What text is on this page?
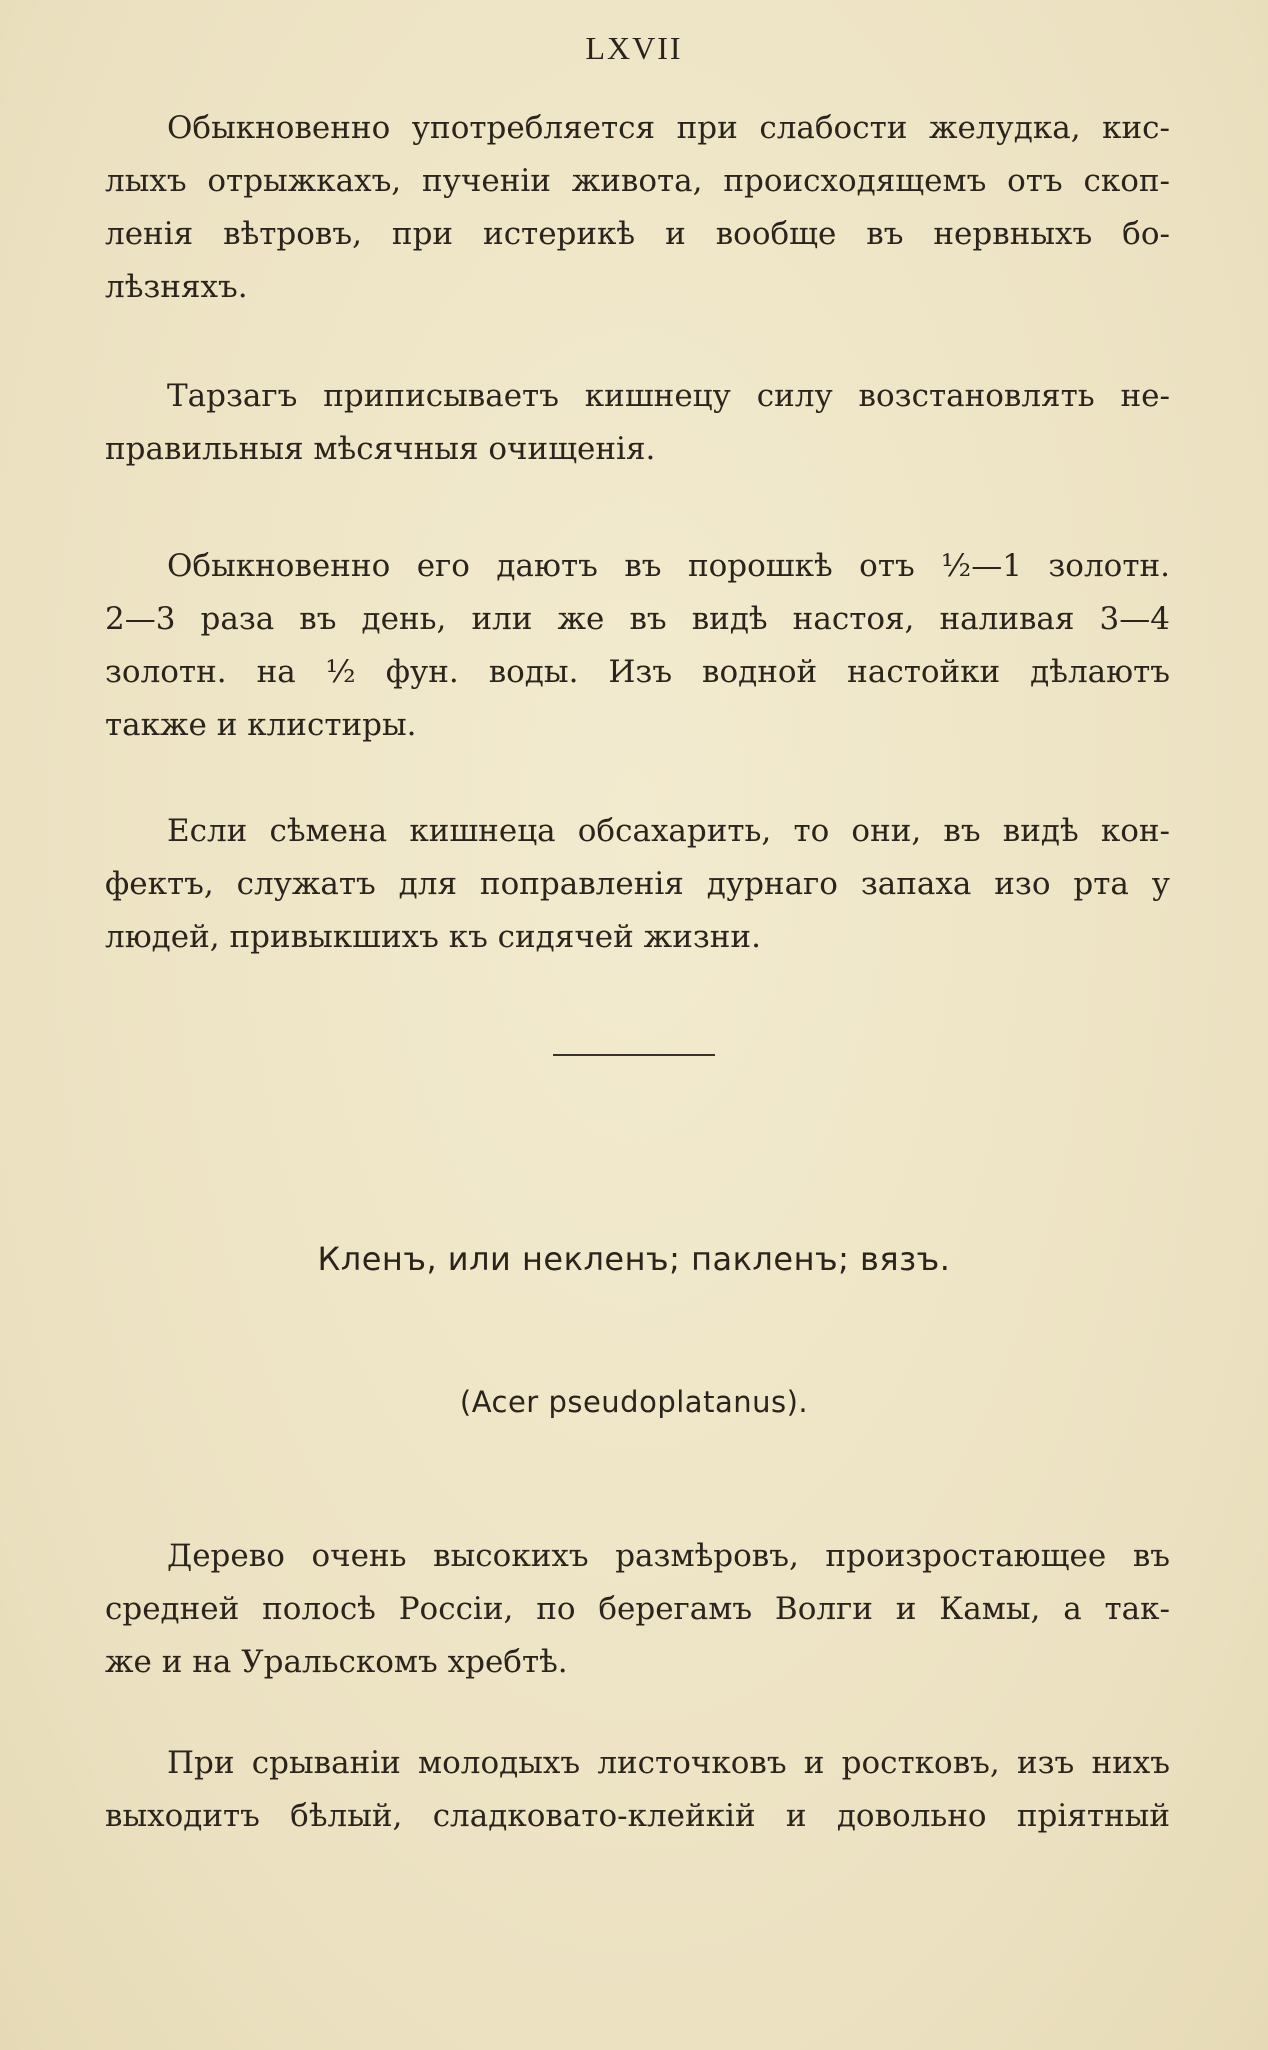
LXVII
Обыкновенно употребляется при слабости желудка, кис-
лыхъ отрыжкахъ, пученіи живота, происходящемъ отъ скоп-
ленія вѣтровъ, при истерикѣ и вообще въ нервныхъ бо-
лѣзняхъ.
Тарзагъ приписываетъ кишнецу силу возстановлять не-
правильныя мѣсячныя очищенія.
Обыкновенно его даютъ въ порошкѣ отъ ½—1 золотн.
2—3 раза въ день, или же въ видѣ настоя, наливая 3—4
золотн. на ½ фун. воды. Изъ водной настойки дѣлаютъ
также и клистиры.
Если сѣмена кишнеца обсахарить, то они, въ видѣ кон-
фектъ, служатъ для поправленія дурнаго запаха изо рта у
людей, привыкшихъ къ сидячей жизни.
Кленъ, или некленъ; пакленъ; вязъ.
(Acer pseudoplatanus).
Дерево очень высокихъ размѣровъ, произростающее въ
средней полосѣ Россіи, по берегамъ Волги и Камы, а так-
же и на Уральскомъ хребтѣ.
При срываніи молодыхъ листочковъ и ростковъ, изъ нихъ
выходитъ бѣлый, сладковато-клейкій и довольно пріятный
